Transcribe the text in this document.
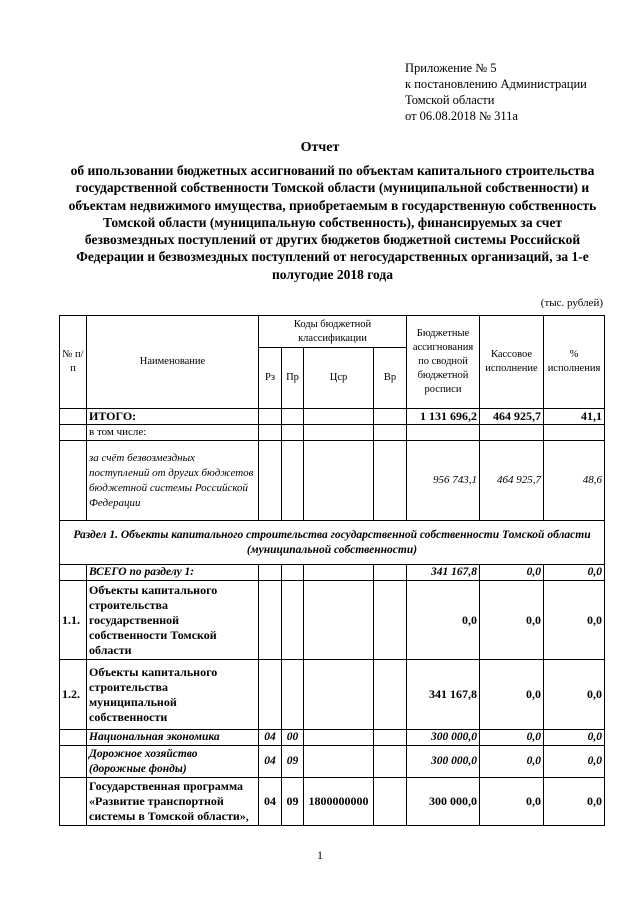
Приложение № 5
к постановлению Администрации
Томской области
от 06.08.2018 № 311а
Отчет
об ипользовании бюджетных ассигнований по объектам капитального строительства государственной собственности Томской области (муниципальной собственности) и объектам недвижимого имущества, приобретаемым в государственную собственность Томской области (муниципальную собственность), финансируемых за счет безвозмездных поступлений от других бюджетов бюджетной системы Российской Федерации и безвозмездных поступлений от негосударственных организаций, за 1-е полугодие 2018 года
(тыс. рублей)
№ п/п	Наименование	Коды бюджетной классификации				Бюджетные ассигнования по сводной бюджетной росписи	Кассовое исполнение	% исполнения
		Рз	Пр	Цср	Вр			
	ИТОГО:					1 131 696,2	464 925,7	41,1
	в том числе:							
	за счёт безвозмездных поступлений от других бюджетов бюджетной системы Российской Федерации					956 743,1	464 925,7	48,6
Раздел 1. Объекты капитального строительства государственной собственности Томской области (муниципальной собственности)								
	ВСЕГО по разделу 1:					341 167,8	0,0	0,0
1.1.	Объекты капитального строительства государственной собственности Томской области					0,0	0,0	0,0
1.2.	Объекты капитального строительства муниципальной собственности					341 167,8	0,0	0,0
	Национальная экономика	04	00			300 000,0	0,0	0,0
	Дорожное хозяйство (дорожные фонды)	04	09			300 000,0	0,0	0,0
	Государственная программа «Развитие транспортной системы в Томской области»,	04	09	1800000000		300 000,0	0,0	0,0
1
